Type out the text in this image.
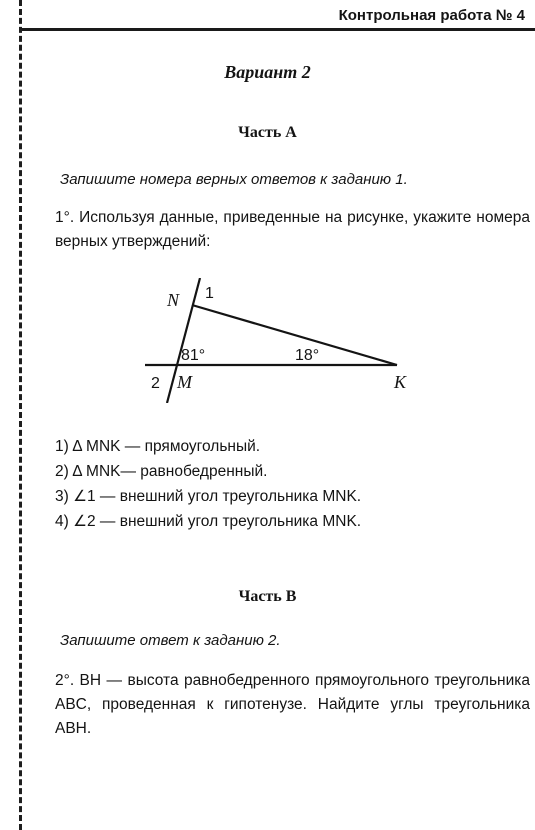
Контрольная работа № 4
Вариант 2
Часть А
Запишите номера верных ответов к заданию 1.
1°. Используя данные, приведенные на рисунке, укажите номера верных утверждений:
N 1
81°	18°
2 M	K
1) Δ MNK — прямоугольный.
2) Δ MNK— равнобедренный.
3) ∠1 — внешний угол треугольника MNK.
4) ∠2 — внешний угол треугольника MNK.
Часть В
Запишите ответ к заданию 2.
2°. BH — высота равнобедренного прямоугольного треугольника ABC, проведенная к гипотенузе. Найдите углы треугольника ABH.
